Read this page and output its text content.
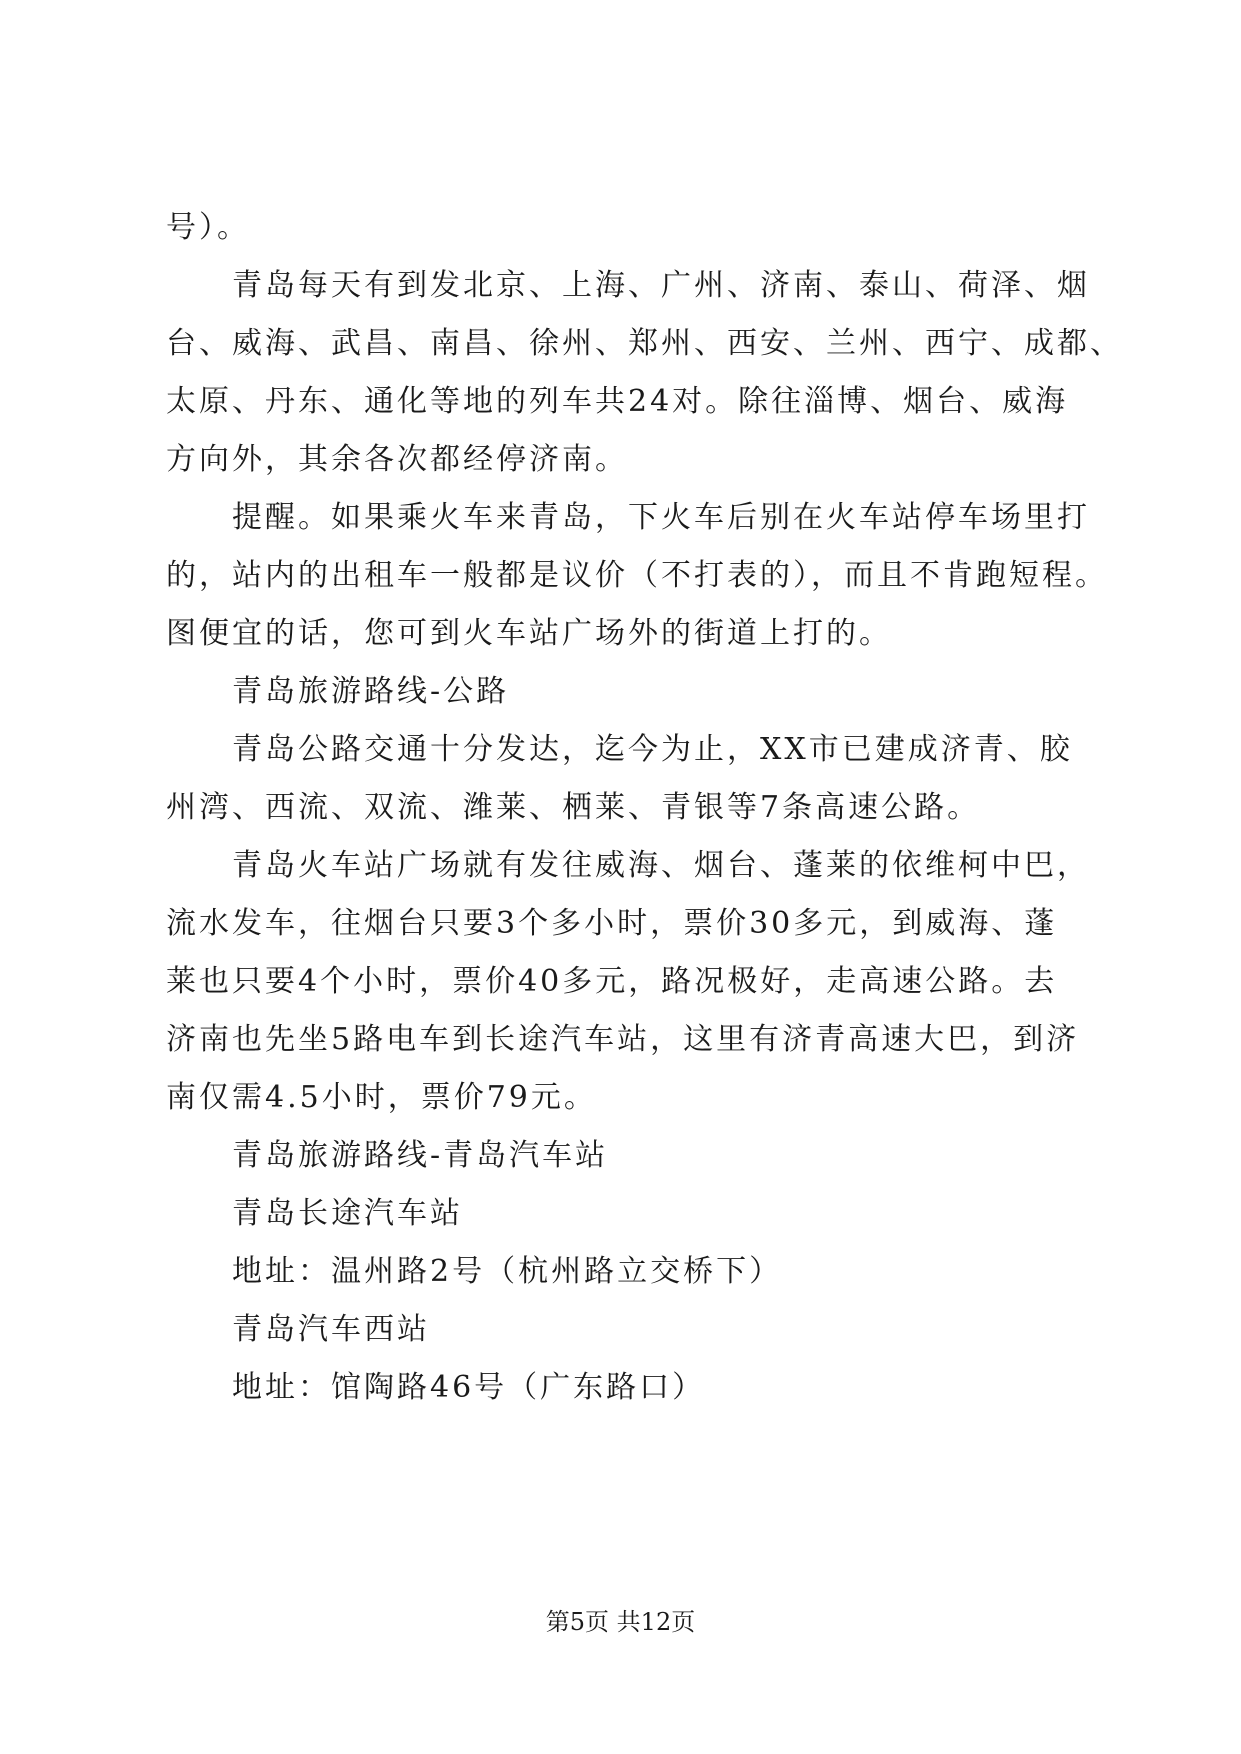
号）。
青岛每天有到发北京、上海、广州、济南、泰山、荷泽、烟
台、威海、武昌、南昌、徐州、郑州、西安、兰州、西宁、成都、
太原、丹东、通化等地的列车共24对。除往淄博、烟台、威海
方向外，其余各次都经停济南。
提醒。如果乘火车来青岛，下火车后别在火车站停车场里打
的，站内的出租车一般都是议价（不打表的），而且不肯跑短程。
图便宜的话，您可到火车站广场外的街道上打的。
青岛旅游路线-公路
青岛公路交通十分发达，迄今为止，XX市已建成济青、胶
州湾、西流、双流、潍莱、栖莱、青银等7条高速公路。
青岛火车站广场就有发往威海、烟台、蓬莱的依维柯中巴，
流水发车，往烟台只要3个多小时，票价30多元，到威海、蓬
莱也只要4个小时，票价40多元，路况极好，走高速公路。去
济南也先坐5路电车到长途汽车站，这里有济青高速大巴，到济
南仅需4.5小时，票价79元。
青岛旅游路线-青岛汽车站
青岛长途汽车站
地址：温州路2号（杭州路立交桥下）
青岛汽车西站
地址：馆陶路46号（广东路口）
第5页 共12页
